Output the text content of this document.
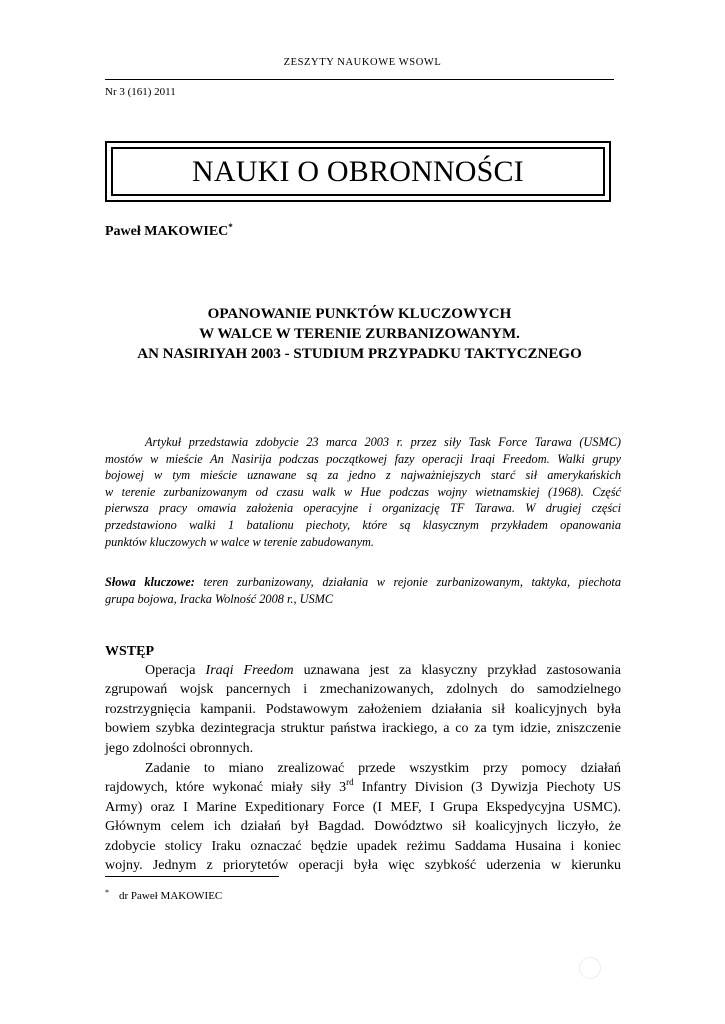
ZESZYTY NAUKOWE WSOWL
Nr 3 (161) 2011
NAUKI O OBRONNOŚCI
Paweł MAKOWIEC*
OPANOWANIE PUNKTÓW KLUCZOWYCH
W WALCE W TERENIE ZURBANIZOWANYM.
AN NASIRIYAH 2003 - STUDIUM PRZYPADKU TAKTYCZNEGO
Artykuł przedstawia zdobycie 23 marca 2003 r. przez siły Task Force Tarawa (USMC)
mostów w mieście An Nasirija podczas początkowej fazy operacji Iraqi Freedom. Walki grupy
bojowej w tym mieście uznawane są za jedno z najważniejszych starć sił amerykańskich
w terenie zurbanizowanym od czasu walk w Hue podczas wojny wietnamskiej (1968). Część
pierwsza pracy omawia założenia operacyjne i organizację TF Tarawa. W drugiej części
przedstawiono walki 1 batalionu piechoty, które są klasycznym przykładem opanowania
punktów kluczowych w walce w terenie zabudowanym.
Słowa kluczowe: teren zurbanizowany, działania w rejonie zurbanizowanym, taktyka, piechota
grupa bojowa, Iracka Wolność 2008 r., USMC
WSTĘP
Operacja Iraqi Freedom uznawana jest za klasyczny przykład zastosowania
zgrupowań wojsk pancernych i zmechanizowanych, zdolnych do samodzielnego
rozstrzygnięcia kampanii. Podstawowym założeniem działania sił koalicyjnych była
bowiem szybka dezintegracja struktur państwa irackiego, a co za tym idzie, zniszczenie
jego zdolności obronnych.
Zadanie to miano zrealizować przede wszystkim przy pomocy działań
rajdowych, które wykonać miały siły 3rd Infantry Division (3 Dywizja Piechoty US
Army) oraz I Marine Expeditionary Force (I MEF, I Grupa Ekspedycyjna USMC).
Głównym celem ich działań był Bagdad. Dowództwo sił koalicyjnych liczyło, że
zdobycie stolicy Iraku oznaczać będzie upadek reżimu Saddama Husaina i koniec
wojny. Jednym z priorytetów operacji była więc szybkość uderzenia w kierunku
* dr Paweł MAKOWIEC
